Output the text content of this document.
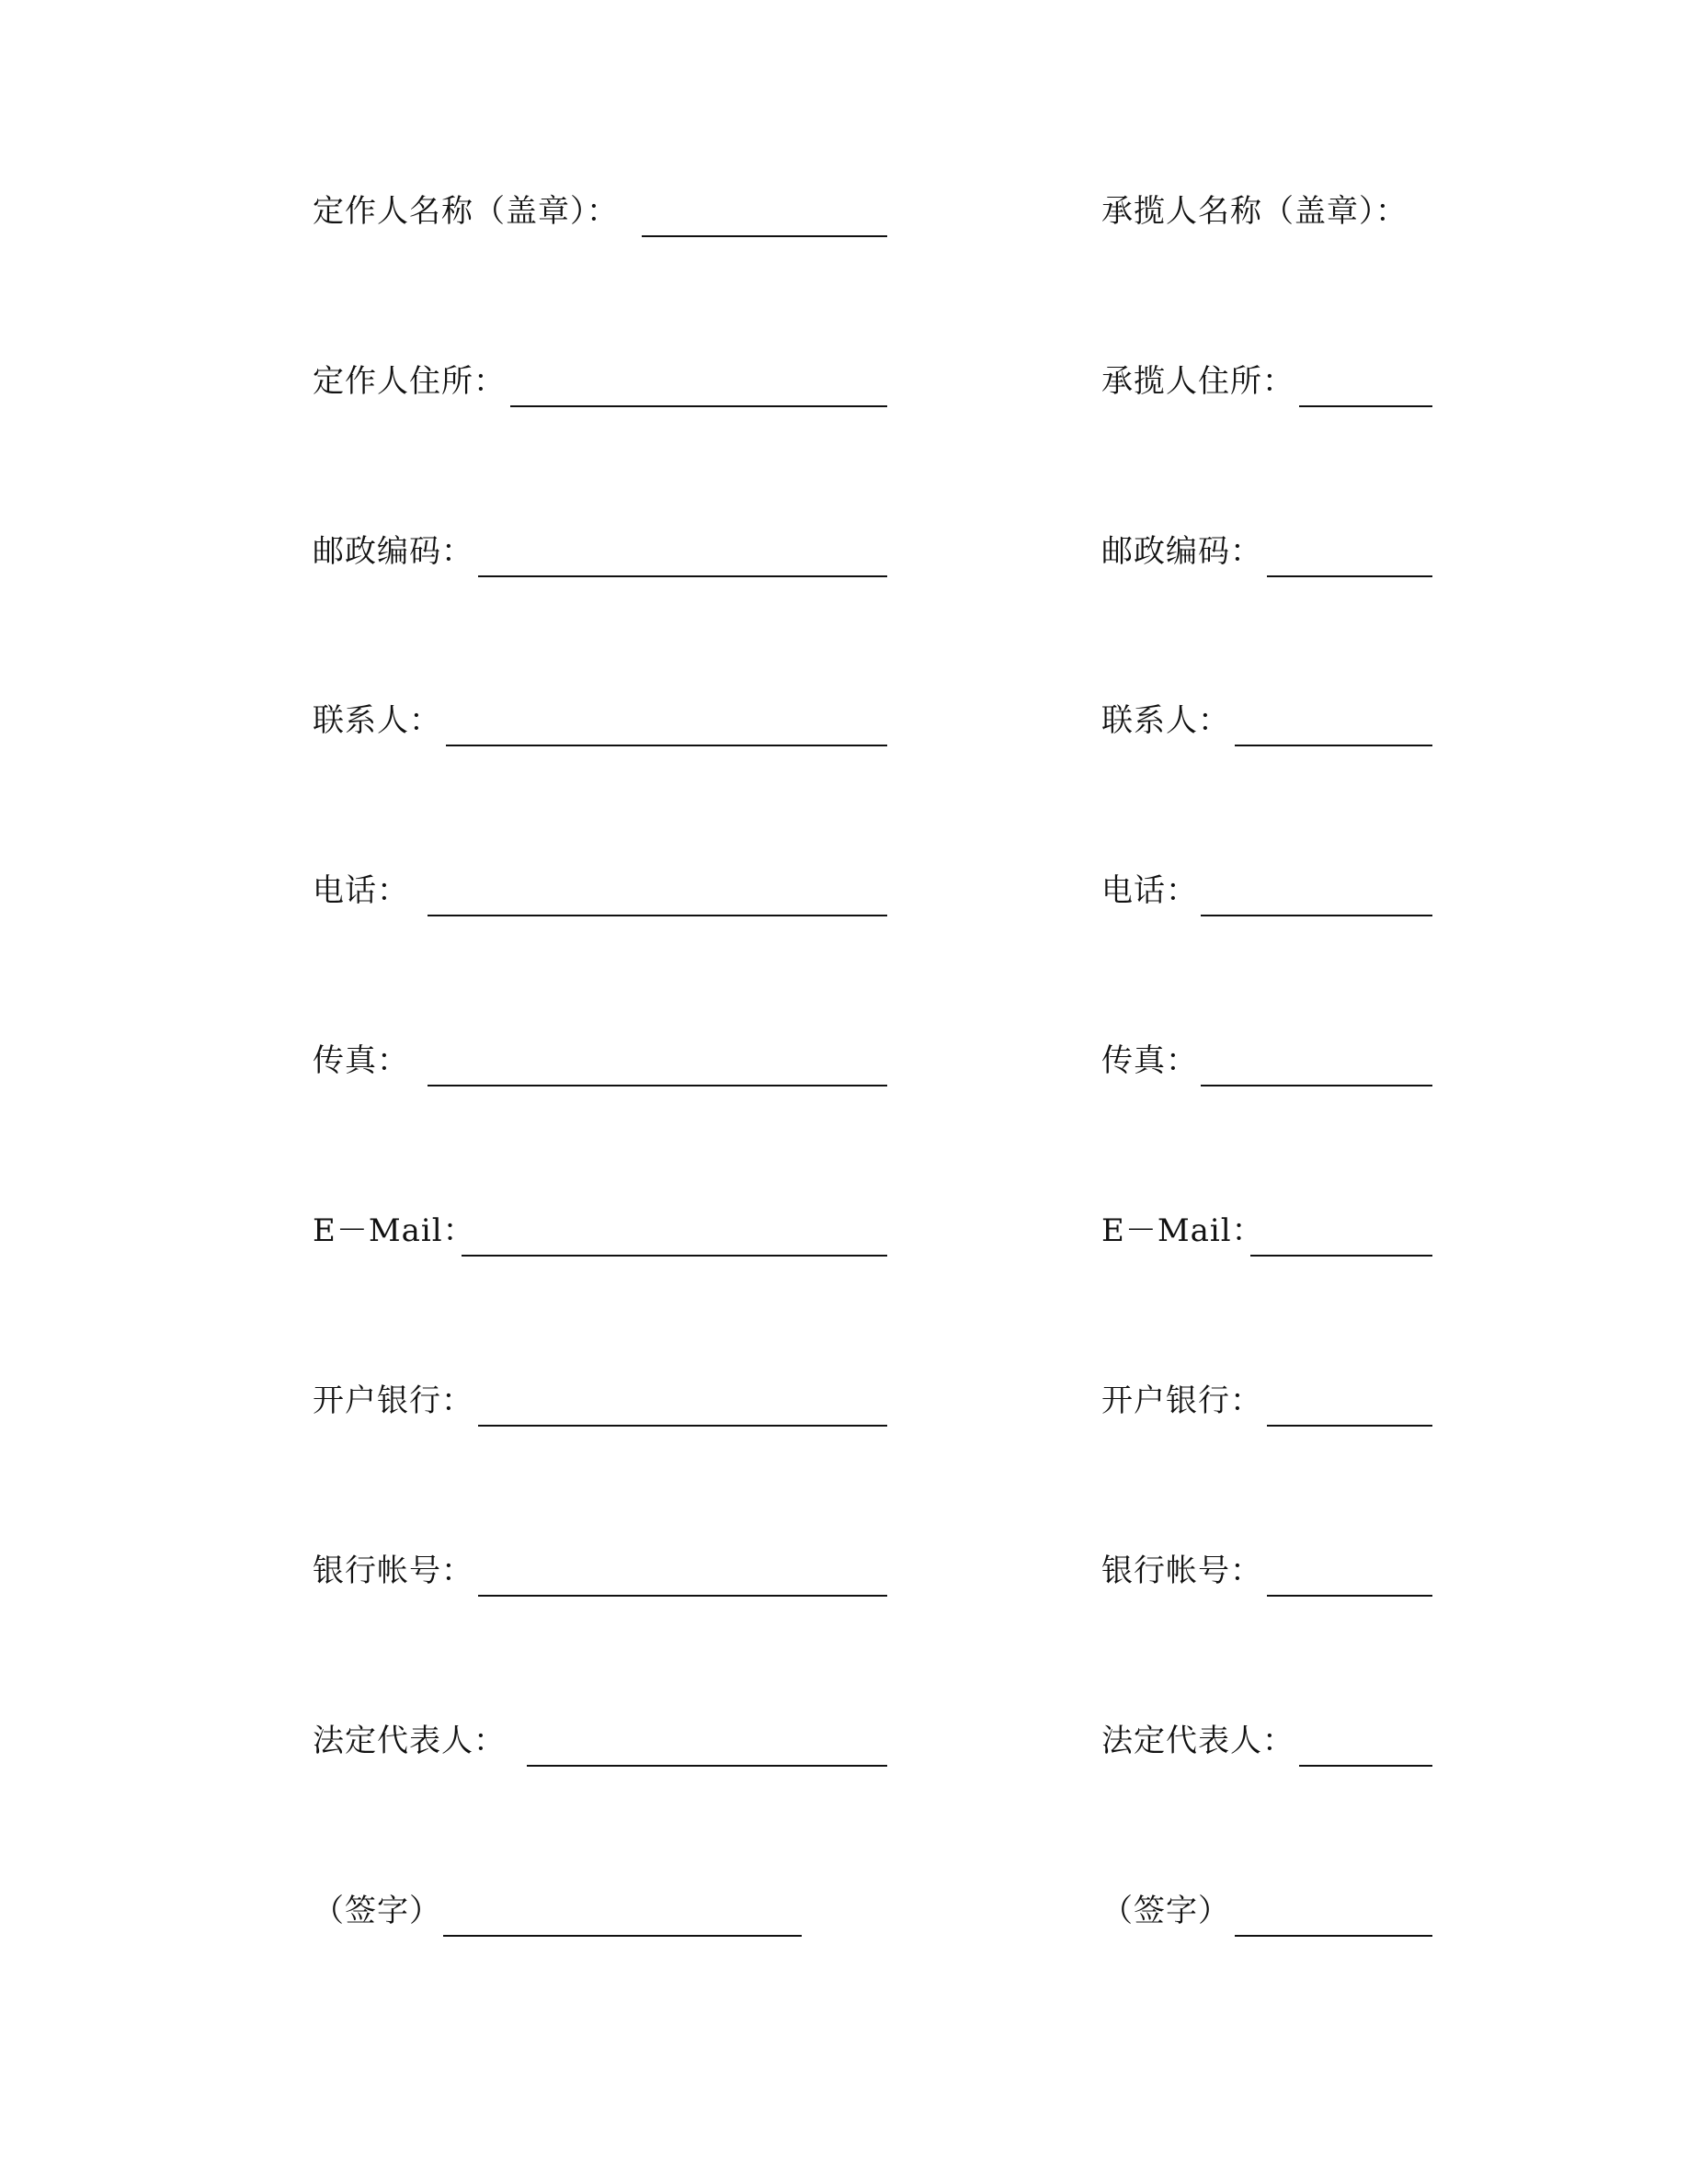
定作人名称（盖章）：
定作人住所：
邮政编码：
联系人：
电话：
传真：
E－Mail：
开户银行：
银行帐号：
法定代表人：
（签字）
承揽人名称（盖章）：
承揽人住所：
邮政编码：
联系人：
电话：
传真：
E－Mail：
开户银行：
银行帐号：
法定代表人：
（签字）
